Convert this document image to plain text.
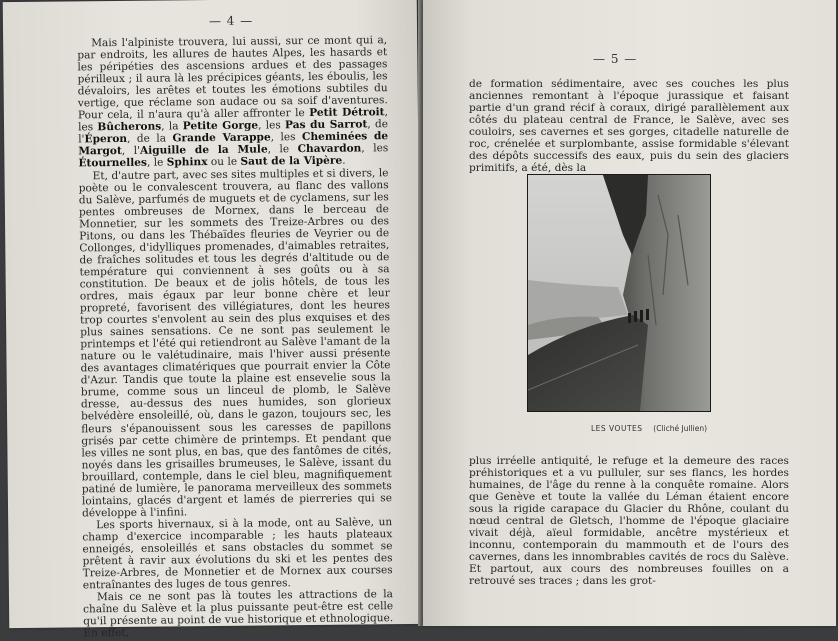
— 4 —

Mais l'alpiniste trouvera, lui aussi, sur ce mont qui a, par endroits, les allures de hautes Alpes, les hasards et les péripéties des ascensions ardues et des passages périlleux ; il aura là les précipices géants, les éboulis, les dévaloirs, les arêtes et toutes les émotions subtiles du vertige, que réclame son audace ou sa soif d'aventures. Pour cela, il n'aura qu'à aller affronter le Petit Détroit, les Bûcherons, la Petite Gorge, les Pas du Sarrot, de l'Éperon, de la Grande Varappe, les Cheminées de Margot, l'Aiguille de la Mule, le Chavardon, les Étournelles, le Sphinx ou le Saut de la Vipère.

Et, d'autre part, avec ses sites multiples et si divers, le poète ou le convalescent trouvera, au flanc des vallons du Salève, parfumés de muguets et de cyclamens, sur les pentes ombreuses de Mornex, dans le berceau de Monnetier, sur les sommets des Treize-Arbres ou des Pitons, ou dans les Thébaïdes fleuries de Veyrier ou de Collonges, d'idylliques promenades, d'aimables retraites, de fraîches solitudes et tous les degrés d'altitude ou de température qui conviennent à ses goûts ou à sa constitution. De beaux et de jolis hôtels, de tous les ordres, mais égaux par leur bonne chère et leur propreté, favorisent des villégiatures, dont les heures trop courtes s'envolent au sein des plus exquises et des plus saines sensations. Ce ne sont pas seulement le printemps et l'été qui retiendront au Salève l'amant de la nature ou le valétudinaire, mais l'hiver aussi présente des avantages climatériques que pourrait envier la Côte d'Azur. Tandis que toute la plaine est ensevelie sous la brume, comme sous un linceul de plomb, le Salève dresse, au-dessus des nues humides, son glorieux belvédère ensoleillé, où, dans le gazon, toujours sec, les fleurs s'épanouissent sous les caresses de papillons grisés par cette chimère de printemps. Et pendant que les villes ne sont plus, en bas, que des fantômes de cités, noyés dans les grisailles brumeuses, le Salève, issant du brouillard, contemple, dans le ciel bleu, magnifiquement patiné de lumière, le panorama merveilleux des sommets lointains, glacés d'argent et lamés de pierreries qui se développe à l'infini.

Les sports hivernaux, si à la mode, ont au Salève, un champ d'exercice incomparable ; les hauts plateaux enneigés, ensoleillés et sans obstacles du sommet se prêtent à ravir aux évolutions du ski et les pentes des Treize-Arbres, de Monnetier et de Mornex aux courses entraînantes des luges de tous genres.

Mais ce ne sont pas là toutes les attractions de la chaîne du Salève et la plus puissante peut-être est celle qu'il présente au point de vue historique et ethnologique. En effet,

— 5 —

de formation sédimentaire, avec ses couches les plus anciennes remontant à l'époque jurassique et faisant partie d'un grand récif à coraux, dirigé parallèlement aux côtés du plateau central de France, le Salève, avec ses couloirs, ses cavernes et ses gorges, citadelle naturelle de roc, crénelée et surplombante, assise formidable s'élevant des dépôts successifs des eaux, puis du sein des glaciers primitifs, a été, dès la

LES VOUTES (Cliché Jullien)

plus irréelle antiquité, le refuge et la demeure des races préhistoriques et a vu pulluler, sur ses flancs, les hordes humaines, de l'âge du renne à la conquête romaine. Alors que Genève et toute la vallée du Léman étaient encore sous la rigide carapace du Glacier du Rhône, coulant du nœud central de Gletsch, l'homme de l'époque glaciaire vivait déjà, aïeul formidable, ancêtre mystérieux et inconnu, contemporain du mammouth et de l'ours des cavernes, dans les innombrables cavités de rocs du Salève. Et partout, aux cours des nombreuses fouilles on a retrouvé ses traces ; dans les grot-
